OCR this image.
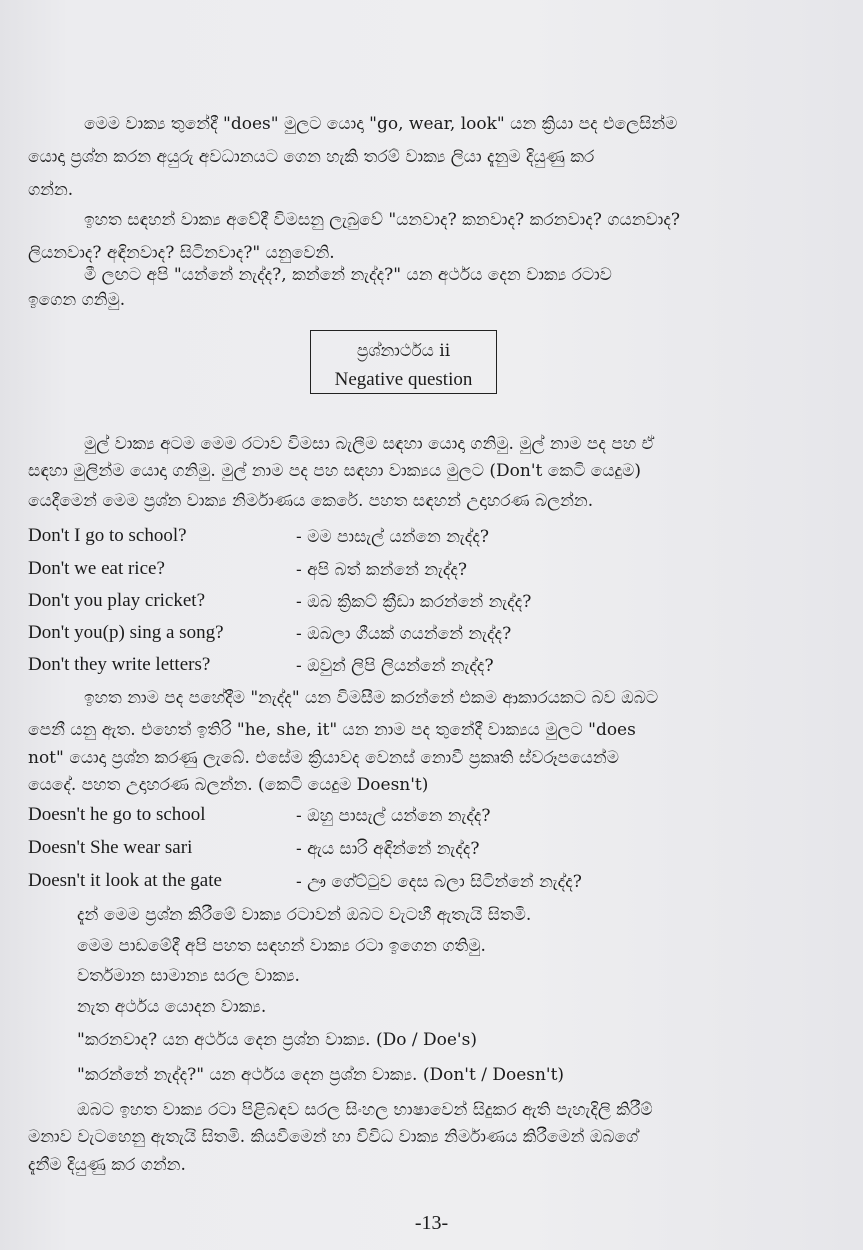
මෙම වාක්‍ය තුනේදී "does" මුලට යොදා "go, wear, look" යන ක්‍රියා පද එලෙසින්ම
යොදා ප්‍රශ්න කරන අයුරු අවධානයට ගෙන හැකි තරම් වාක්‍ය ලියා දැනුම දියුණු කර
ගන්න.
ඉහත සඳහන් වාක්‍ය අවේදී විමසනු ලැබුවේ "යනවාද? කනවාද? කරනවාද? ගයනවාද?
ලියනවාද? අඳිනවාද? සිටිනවාද?" යනුවෙනි.
මී ලඟට අපි "යන්නේ නැද්ද?, කන්නේ නැද්ද?" යන අර්ථය දෙන වාක්‍ය රටාව
ඉගෙන ගනිමු.
ප්‍රශ්නාර්ථය ii
Negative question
මුල් වාක්‍ය අටම මෙම රටාව විමසා බැලීම සඳහා යොදා ගනිමු. මුල් නාම පද පහ ඒ
සඳහා මුලින්ම යොදා ගනිමු. මුල් නාම පද පහ සඳහා වාක්‍යය මුලට (Don't කෙටි යෙදුම)
යෙදීමෙන් මෙම ප්‍රශ්න වාක්‍ය නිර්මාණය කෙරේ. පහත සඳහන් උදාහරණ බලන්න.
Don't I go to school?	- මම පාසැල් යන්නෙ නැද්ද?
Don't we eat rice?	- අපි බත් කන්නේ නැද්ද?
Don't you play cricket?	- ඔබ ක්‍රිකට් ක්‍රීඩා කරන්නේ නැද්ද?
Don't you(p) sing a song?	- ඔබලා ගීයක් ගයන්නේ නැද්ද?
Don't they write letters?	- ඔවුන් ලිපි ලියන්නේ නැද්ද?
ඉහත නාම පද පහේදීම "නැද්ද" යන විමසීම කරන්නේ එකම ආකාරයකට බව ඔබට
පෙනී යනු ඇත. එහෙත් ඉතිරි "he, she, it" යන නාම පද තුනේදී වාක්‍යය මුලට "does
not" යොදා ප්‍රශ්න කරණු ලැබේ. එසේම ක්‍රියාවද වෙනස් නොවී ප්‍රකෘති ස්වරූපයෙන්ම
යෙදේ. පහත උදාහරණ බලන්න. (කෙටි යෙදුම Doesn't)
Doesn't he go to school	- ඔහු පාසැල් යන්නෙ නැද්ද?
Doesn't She wear sari	- ඇය සාරි අඳින්නේ නැද්ද?
Doesn't it look at the gate	- ඌ ගේට්ටුව දෙස බලා සිටින්නේ නැද්ද?
දැන් මෙම ප්‍රශ්න කිරීමේ වාක්‍ය රටාවන් ඔබට වැටහී ඇතැයි සිතමි.
මෙම පාඩමේදී අපි පහත සඳහන් වාක්‍ය රටා ඉගෙන ගතිමු.
වර්තමාන සාමාන්‍ය සරල වාක්‍ය.
නැත අර්ථය යොදන වාක්‍ය.
"කරනවාද? යන අර්ථය දෙන ප්‍රශ්න වාක්‍ය. (Do / Doe's)
"කරන්නේ නැද්ද?" යන අර්ථය දෙන ප්‍රශ්න වාක්‍ය. (Don't / Doesn't)
ඔබට ඉහත වාක්‍ය රටා පිළිබඳව සරල සිංහල භාෂාවෙන් සිදුකර ඇති පැහැදිලි කිරීම්
මනාව වැටහෙනු ඇතැයි සිතමි. කියවීමෙන් හා විවිධ වාක්‍ය නිර්මාණය කිරීමෙන් ඔබගේ
දැනීම දියුණු කර ගන්න.
-13-
